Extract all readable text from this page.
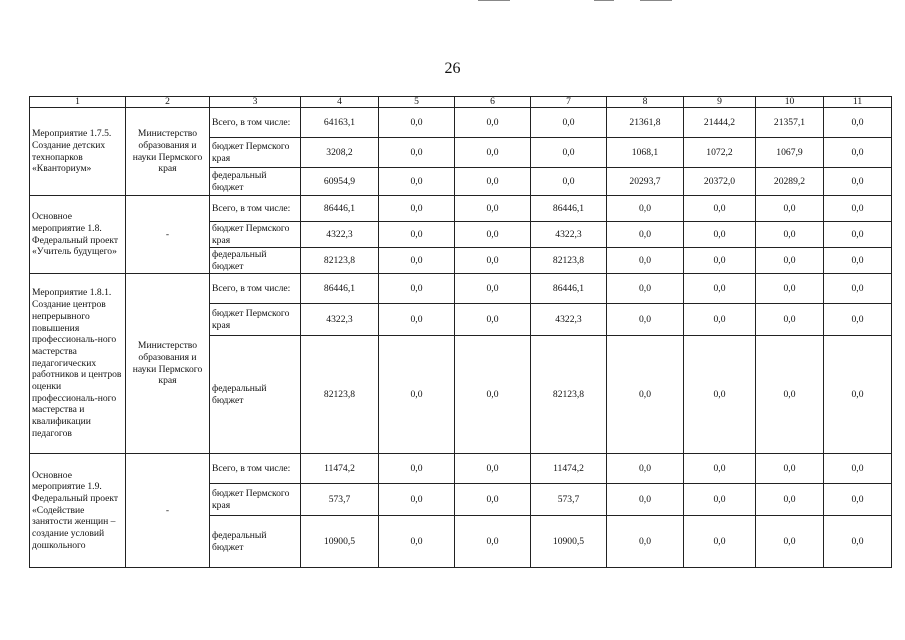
26
1	2	3	4	5	6	7	8	9	10	11
Мероприятие 1.7.5. Создание детских технопарков «Кванториум»	Министерство образования и науки Пермского края	Всего, в том числе:	64163,1	0,0	0,0	0,0	21361,8	21444,2	21357,1	0,0
		бюджет Пермского края	3208,2	0,0	0,0	0,0	1068,1	1072,2	1067,9	0,0
		федеральный бюджет	60954,9	0,0	0,0	0,0	20293,7	20372,0	20289,2	0,0
Основное мероприятие 1.8. Федеральный проект «Учитель будущего»	-	Всего, в том числе:	86446,1	0,0	0,0	86446,1	0,0	0,0	0,0	0,0
		бюджет Пермского края	4322,3	0,0	0,0	4322,3	0,0	0,0	0,0	0,0
		федеральный бюджет	82123,8	0,0	0,0	82123,8	0,0	0,0	0,0	0,0
Мероприятие 1.8.1. Создание центров непрерывного повышения профессиональ-ного мастерства педагогических работников и центров оценки профессиональ-ного мастерства и квалификации педагогов	Министерство образования и науки Пермского края	Всего, в том числе:	86446,1	0,0	0,0	86446,1	0,0	0,0	0,0	0,0
		бюджет Пермского края	4322,3	0,0	0,0	4322,3	0,0	0,0	0,0	0,0
		федеральный бюджет	82123,8	0,0	0,0	82123,8	0,0	0,0	0,0	0,0
Основное мероприятие 1.9. Федеральный проект «Содействие занятости женщин – создание условий дошкольного	-	Всего, в том числе:	11474,2	0,0	0,0	11474,2	0,0	0,0	0,0	0,0
		бюджет Пермского края	573,7	0,0	0,0	573,7	0,0	0,0	0,0	0,0
		федеральный бюджет	10900,5	0,0	0,0	10900,5	0,0	0,0	0,0	0,0
